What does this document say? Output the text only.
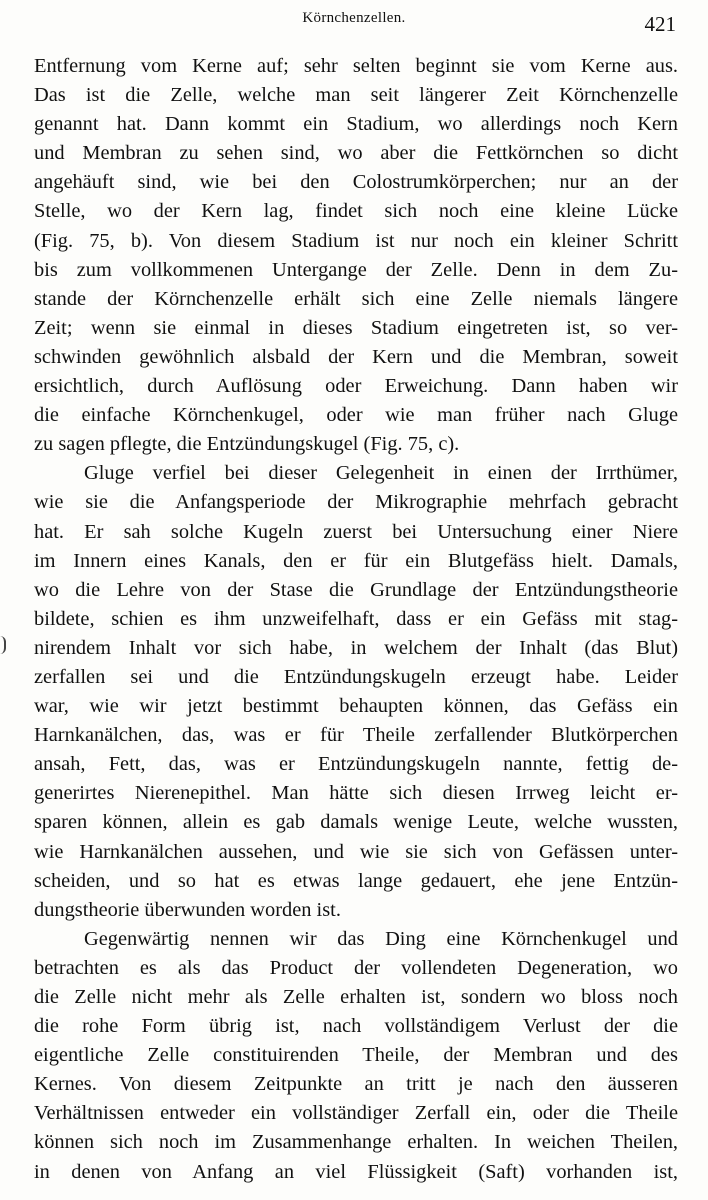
Körnchenzellen.	421
Entfernung vom Kerne auf; sehr selten beginnt sie vom Kerne aus.
Das ist die Zelle, welche man seit längerer Zeit Körnchenzelle
genannt hat. Dann kommt ein Stadium, wo allerdings noch Kern
und Membran zu sehen sind, wo aber die Fettkörnchen so dicht
angehäuft sind, wie bei den Colostrumkörperchen; nur an der
Stelle, wo der Kern lag, findet sich noch eine kleine Lücke
(Fig. 75, b). Von diesem Stadium ist nur noch ein kleiner Schritt
bis zum vollkommenen Untergange der Zelle. Denn in dem Zu-
stande der Körnchenzelle erhält sich eine Zelle niemals längere
Zeit; wenn sie einmal in dieses Stadium eingetreten ist, so ver-
schwinden gewöhnlich alsbald der Kern und die Membran, soweit
ersichtlich, durch Auflösung oder Erweichung. Dann haben wir
die einfache Körnchenkugel, oder wie man früher nach Gluge
zu sagen pflegte, die Entzündungskugel (Fig. 75, c).
Gluge verfiel bei dieser Gelegenheit in einen der Irrthümer,
wie sie die Anfangsperiode der Mikrographie mehrfach gebracht
hat. Er sah solche Kugeln zuerst bei Untersuchung einer Niere
im Innern eines Kanals, den er für ein Blutgefäss hielt. Damals,
wo die Lehre von der Stase die Grundlage der Entzündungstheorie
bildete, schien es ihm unzweifelhaft, dass er ein Gefäss mit stag-
nirendem Inhalt vor sich habe, in welchem der Inhalt (das Blut)
zerfallen sei und die Entzündungskugeln erzeugt habe. Leider
war, wie wir jetzt bestimmt behaupten können, das Gefäss ein
Harnkanälchen, das, was er für Theile zerfallender Blutkörperchen
ansah, Fett, das, was er Entzündungskugeln nannte, fettig de-
generirtes Nierenepithel. Man hätte sich diesen Irrweg leicht er-
sparen können, allein es gab damals wenige Leute, welche wussten,
wie Harnkanälchen aussehen, und wie sie sich von Gefässen unter-
scheiden, und so hat es etwas lange gedauert, ehe jene Entzün-
dungstheorie überwunden worden ist.
Gegenwärtig nennen wir das Ding eine Körnchenkugel und
betrachten es als das Product der vollendeten Degeneration, wo
die Zelle nicht mehr als Zelle erhalten ist, sondern wo bloss noch
die rohe Form übrig ist, nach vollständigem Verlust der die
eigentliche Zelle constituirenden Theile, der Membran und des
Kernes. Von diesem Zeitpunkte an tritt je nach den äusseren
Verhältnissen entweder ein vollständiger Zerfall ein, oder die Theile
können sich noch im Zusammenhange erhalten. In weichen Theilen,
in denen von Anfang an viel Flüssigkeit (Saft) vorhanden ist,
